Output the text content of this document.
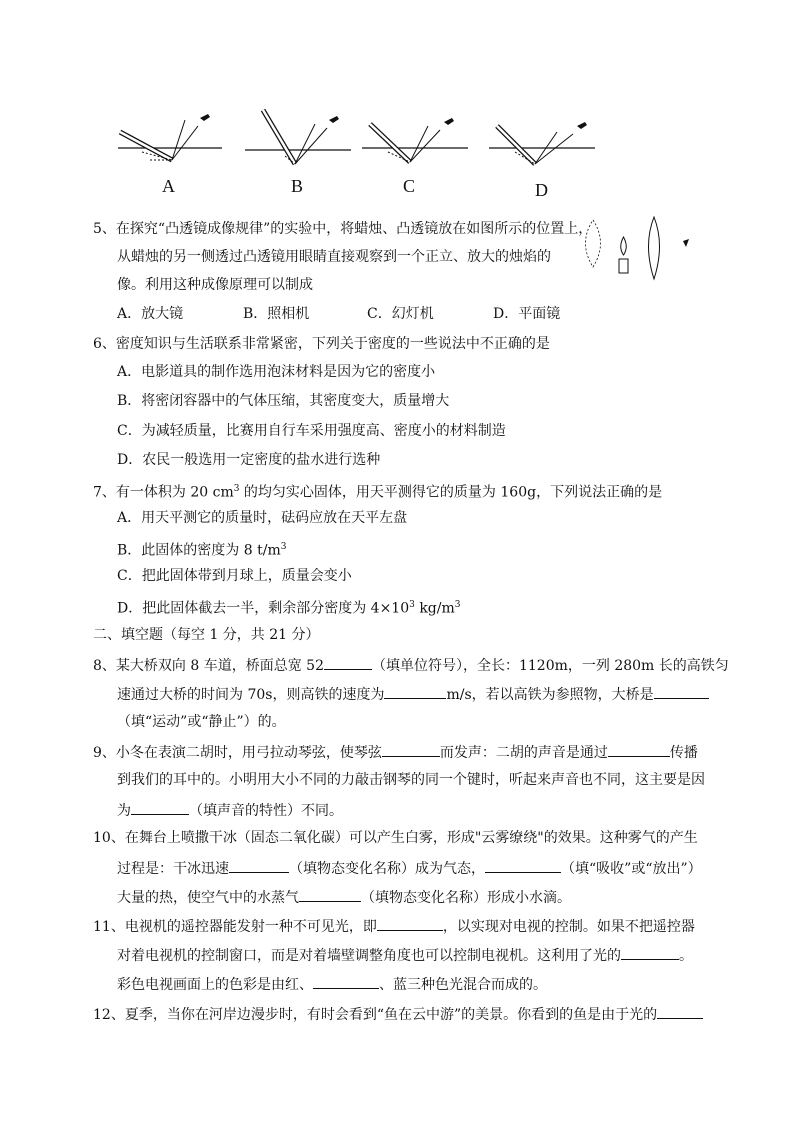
A	B	C	D
5、在探究“凸透镜成像规律”的实验中，将蜡烛、凸透镜放在如图所示的位置上，
从蜡烛的另一侧透过凸透镜用眼睛直接观察到一个正立、放大的烛焰的
像。利用这种成像原理可以制成
A．放大镜	B．照相机	C．幻灯机	D．平面镜
6、密度知识与生活联系非常紧密，下列关于密度的一些说法中不正确的是
A．电影道具的制作选用泡沫材料是因为它的密度小
B．将密闭容器中的气体压缩，其密度变大，质量增大
C．为减轻质量，比赛用自行车采用强度高、密度小的材料制造
D．农民一般选用一定密度的盐水进行选种
7、有一体积为 20 $cm^3$ 的均匀实心固体，用天平测得它的质量为 160g，下列说法正确的是
A．用天平测它的质量时，砝码应放在天平左盘
B．此固体的密度为 8 $t/m^3$
C．把此固体带到月球上，质量会变小
D．把此固体截去一半，剩余部分密度为 $4\times 10^3$ $kg/m^3$
二、填空题（每空 1 分，共 21 分）
8、某大桥双向 8 车道，桥面总宽 52	（填单位符号），全长：1120m，一列 280m 长的高铁匀
速通过大桥的时间为 70s，则高铁的速度为	m/s，若以高铁为参照物，大桥是
（填“运动”或“静止”）的。
9、小冬在表演二胡时，用弓拉动琴弦，使琴弦	而发声：二胡的声音是通过	传播
到我们的耳中的。小明用大小不同的力敲击钢琴的同一个键时，听起来声音也不同，这主要是因
为	（填声音的特性）不同。
10、在舞台上喷撒干冰（固态二氧化碳）可以产生白雾，形成"云雾缭绕"的效果。这种雾气的产生
过程是：干冰迅速	（填物态变化名称）成为气态，	（填“吸收”或“放出”）
大量的热，使空气中的水蒸气	（填物态变化名称）形成小水滴。
11、电视机的遥控器能发射一种不可见光，即	，以实现对电视的控制。如果不把遥控器
对着电视机的控制窗口，而是对着墙壁调整角度也可以控制电视机。这利用了光的	。
彩色电视画面上的色彩是由红、	、蓝三种色光混合而成的。
12、夏季，当你在河岸边漫步时，有时会看到“鱼在云中游”的美景。你看到的鱼是由于光的
